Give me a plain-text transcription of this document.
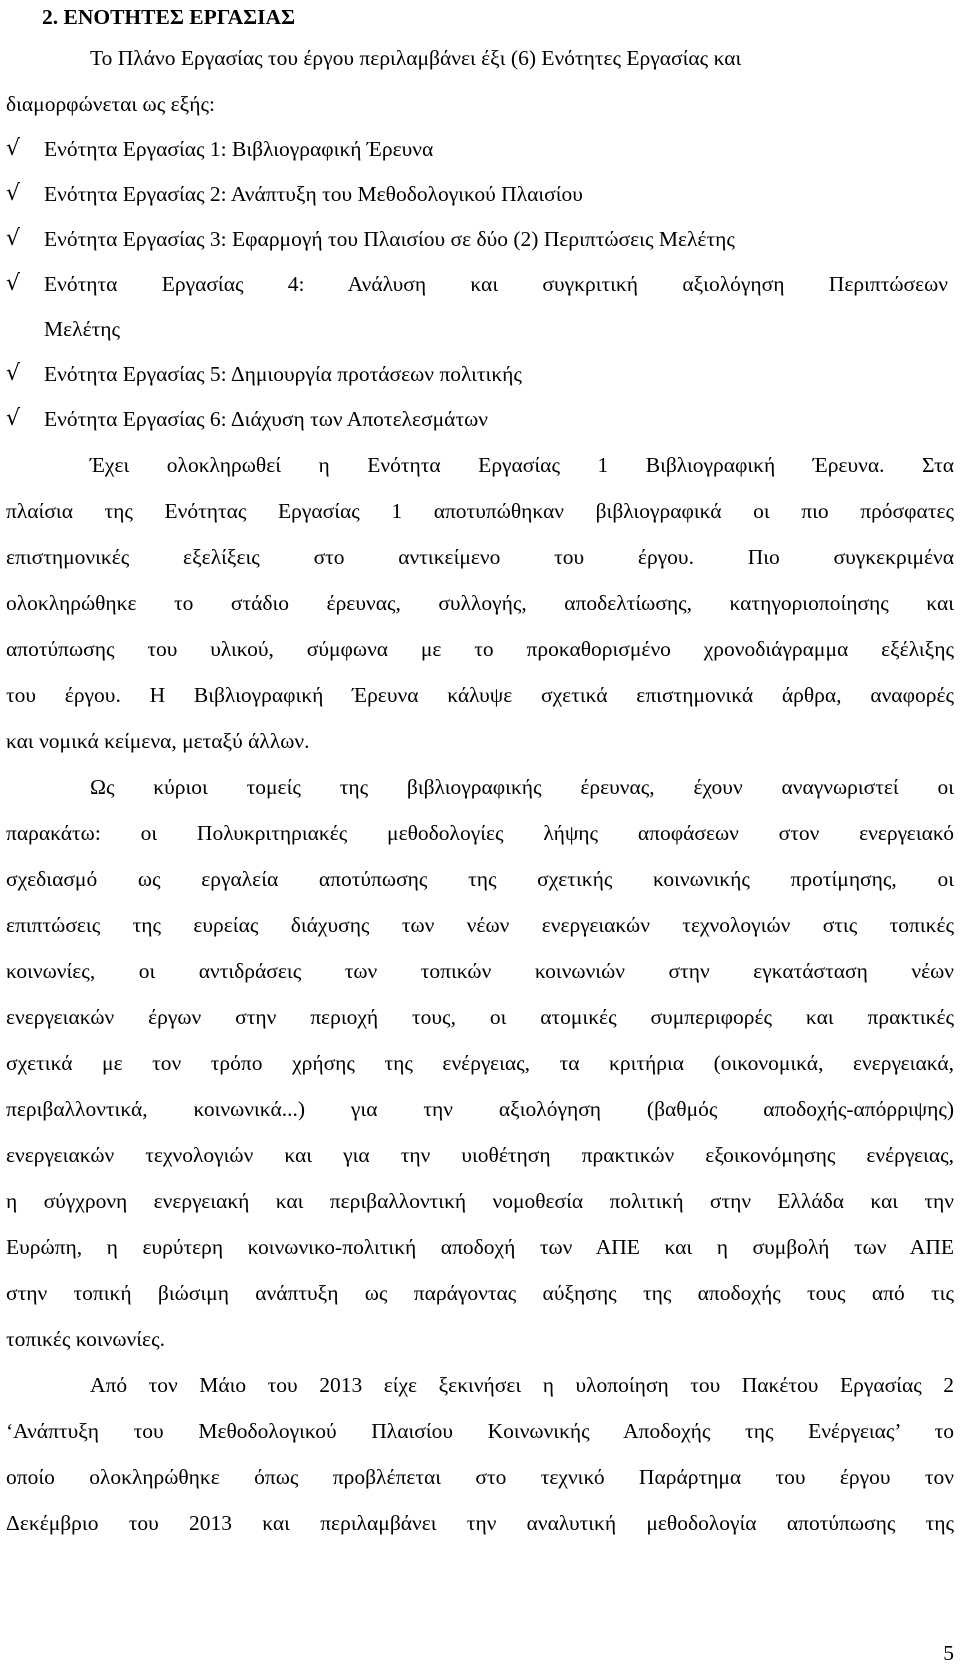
2. ΕΝΟΤΗΤΕΣ ΕΡΓΑΣΙΑΣ
Το Πλάνο Εργασίας του έργου περιλαμβάνει έξι (6) Ενότητες Εργασίας και
διαμορφώνεται ως εξής:
√ Ενότητα Εργασίας 1: Βιβλιογραφική Έρευνα
√ Ενότητα Εργασίας 2: Ανάπτυξη του Μεθοδολογικού Πλαισίου
√ Ενότητα Εργασίας 3: Εφαρμογή του Πλαισίου σε δύο (2) Περιπτώσεις Μελέτης
√ Ενότητα Εργασίας 4: Ανάλυση και συγκριτική αξιολόγηση Περιπτώσεων
Μελέτης
√ Ενότητα Εργασίας 5: Δημιουργία προτάσεων πολιτικής
√ Ενότητα Εργασίας 6: Διάχυση των Αποτελεσμάτων
Έχει ολοκληρωθεί η Ενότητα Εργασίας 1 Βιβλιογραφική Έρευνα. Στα
πλαίσια της Ενότητας Εργασίας 1 αποτυπώθηκαν βιβλιογραφικά οι πιο πρόσφατες
επιστημονικές εξελίξεις στο αντικείμενο του έργου. Πιο συγκεκριμένα
ολοκληρώθηκε το στάδιο έρευνας, συλλογής, αποδελτίωσης, κατηγοριοποίησης και
αποτύπωσης του υλικού, σύμφωνα με το προκαθορισμένο χρονοδιάγραμμα εξέλιξης
του έργου. Η Βιβλιογραφική Έρευνα κάλυψε σχετικά επιστημονικά άρθρα, αναφορές
και νομικά κείμενα, μεταξύ άλλων.
Ως κύριοι τομείς της βιβλιογραφικής έρευνας, έχουν αναγνωριστεί οι
παρακάτω: οι Πολυκριτηριακές μεθοδολογίες λήψης αποφάσεων στον ενεργειακό
σχεδιασμό ως εργαλεία αποτύπωσης της σχετικής κοινωνικής προτίμησης, οι
επιπτώσεις της ευρείας διάχυσης των νέων ενεργειακών τεχνολογιών στις τοπικές
κοινωνίες, οι αντιδράσεις των τοπικών κοινωνιών στην εγκατάσταση νέων
ενεργειακών έργων στην περιοχή τους, οι ατομικές συμπεριφορές και πρακτικές
σχετικά με τον τρόπο χρήσης της ενέργειας, τα κριτήρια (οικονομικά, ενεργειακά,
περιβαλλοντικά, κοινωνικά...) για την αξιολόγηση (βαθμός αποδοχής-απόρριψης)
ενεργειακών τεχνολογιών και για την υιοθέτηση πρακτικών εξοικονόμησης ενέργειας,
η σύγχρονη ενεργειακή και περιβαλλοντική νομοθεσία πολιτική στην Ελλάδα και την
Ευρώπη, η ευρύτερη κοινωνικο-πολιτική αποδοχή των ΑΠΕ και η συμβολή των ΑΠΕ
στην τοπική βιώσιμη ανάπτυξη ως παράγοντας αύξησης της αποδοχής τους από τις
τοπικές κοινωνίες.
Από τον Μάιο του 2013 είχε ξεκινήσει η υλοποίηση του Πακέτου Εργασίας 2
‘Ανάπτυξη του Μεθοδολογικού Πλαισίου Κοινωνικής Αποδοχής της Ενέργειας’ το
οποίο ολοκληρώθηκε όπως προβλέπεται στο τεχνικό Παράρτημα του έργου τον
Δεκέμβριο του 2013 και περιλαμβάνει την αναλυτική μεθοδολογία αποτύπωσης της
5
